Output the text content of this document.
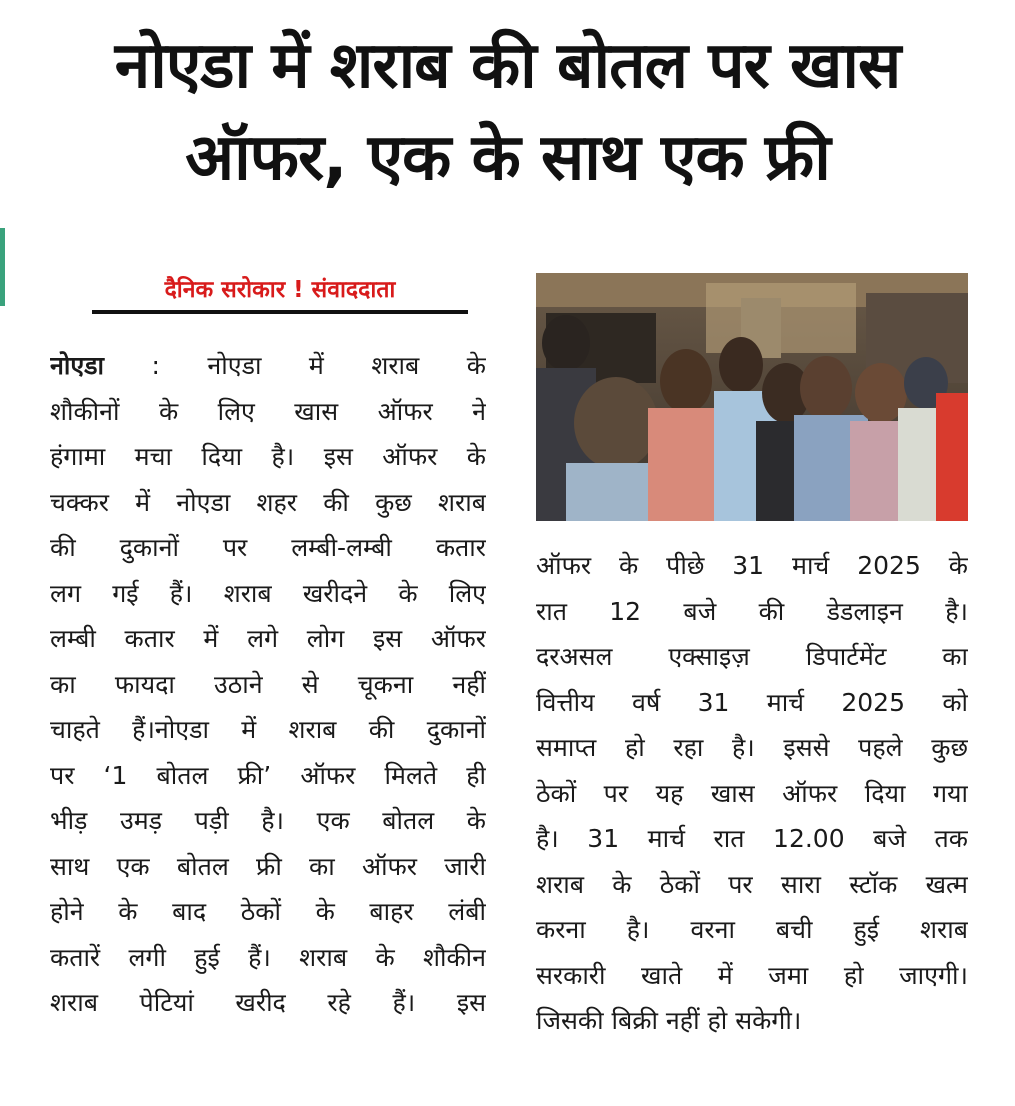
नोएडा में शराब की बोतल पर खास
ऑफर, एक के साथ एक फ्री
दैनिक सरोकार ! संवाददाता
नोएडा : नोएडा में शराब के
शौकीनों के लिए खास ऑफर ने
हंगामा मचा दिया है। इस ऑफर के
चक्कर में नोएडा शहर की कुछ शराब
की दुकानों पर लम्बी-लम्बी कतार
लग गई हैं। शराब खरीदने के लिए
लम्बी कतार में लगे लोग इस ऑफर
का फायदा उठाने से चूकना नहीं
चाहते हैं।नोएडा में शराब की दुकानों
पर ‘1 बोतल फ्री’ ऑफर मिलते ही
भीड़ उमड़ पड़ी है। एक बोतल के
साथ एक बोतल फ्री का ऑफर जारी
होने के बाद ठेकों के बाहर लंबी
कतारें लगी हुई हैं। शराब के शौकीन
शराब पेटियां खरीद रहे हैं। इस
ऑफर के पीछे 31 मार्च 2025 के
रात 12 बजे की डेडलाइन है।
दरअसल एक्साइज़ डिपार्टमेंट का
वित्तीय वर्ष 31 मार्च 2025 को
समाप्त हो रहा है। इससे पहले कुछ
ठेकों पर यह खास ऑफर दिया गया
है। 31 मार्च रात 12.00 बजे तक
शराब के ठेकों पर सारा स्टॉक खत्म
करना है। वरना बची हुई शराब
सरकारी खाते में जमा हो जाएगी।
जिसकी बिक्री नहीं हो सकेगी।
